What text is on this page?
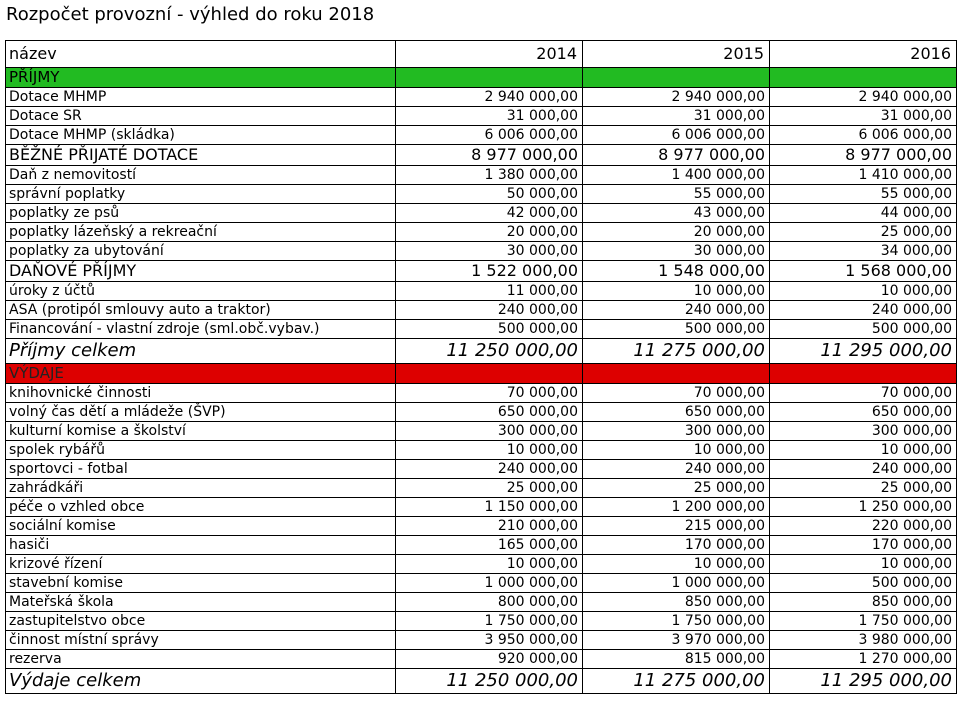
Rozpočet provozní - výhled do roku 2018
název	2014	2015	2016
PŘÍJMY			
Dotace MHMP	2 940 000,00	2 940 000,00	2 940 000,00
Dotace SR	31 000,00	31 000,00	31 000,00
Dotace MHMP (skládka)	6 006 000,00	6 006 000,00	6 006 000,00
BĚŽNÉ PŘIJATÉ DOTACE	8 977 000,00	8 977 000,00	8 977 000,00
Daň z nemovitostí	1 380 000,00	1 400 000,00	1 410 000,00
správní poplatky	50 000,00	55 000,00	55 000,00
poplatky ze psů	42 000,00	43 000,00	44 000,00
poplatky lázeňský a rekreační	20 000,00	20 000,00	25 000,00
poplatky za ubytování	30 000,00	30 000,00	34 000,00
DAŇOVÉ PŘÍJMY	1 522 000,00	1 548 000,00	1 568 000,00
úroky z účtů	11 000,00	10 000,00	10 000,00
ASA (protipól smlouvy auto a traktor)	240 000,00	240 000,00	240 000,00
Financování - vlastní zdroje (sml.obč.vybav.)	500 000,00	500 000,00	500 000,00
Příjmy celkem	11 250 000,00	11 275 000,00	11 295 000,00
VÝDAJE			
knihovnické činnosti	70 000,00	70 000,00	70 000,00
volný čas dětí a mládeže (ŠVP)	650 000,00	650 000,00	650 000,00
kulturní komise a školství	300 000,00	300 000,00	300 000,00
spolek rybářů	10 000,00	10 000,00	10 000,00
sportovci - fotbal	240 000,00	240 000,00	240 000,00
zahrádkáři	25 000,00	25 000,00	25 000,00
péče o vzhled obce	1 150 000,00	1 200 000,00	1 250 000,00
sociální komise	210 000,00	215 000,00	220 000,00
hasiči	165 000,00	170 000,00	170 000,00
krizové řízení	10 000,00	10 000,00	10 000,00
stavební komise	1 000 000,00	1 000 000,00	500 000,00
Mateřská škola	800 000,00	850 000,00	850 000,00
zastupitelstvo obce	1 750 000,00	1 750 000,00	1 750 000,00
činnost místní správy	3 950 000,00	3 970 000,00	3 980 000,00
rezerva	920 000,00	815 000,00	1 270 000,00
Výdaje celkem	11 250 000,00	11 275 000,00	11 295 000,00
